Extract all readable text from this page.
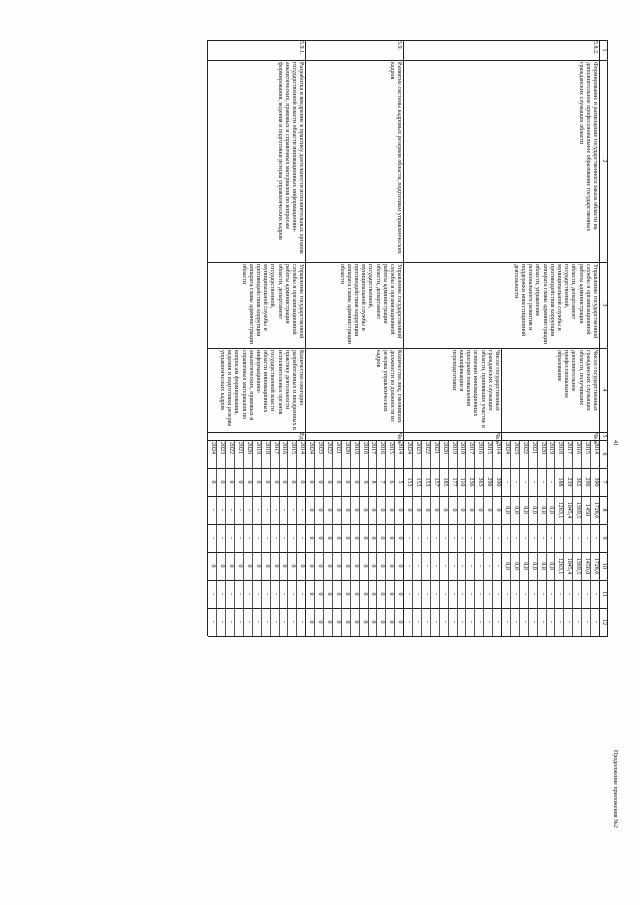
41
Продолжение приложения №2
1
2
3
4
5
6
7
8
9
10
11
12
5.8.2.
Формирование и размещение государственного заказа области на дополнительное профессиональное образование государственных гражданских служащих области
Управление государственной службы и организационной работы администрации области, департамент государственной, муниципальной службы и противодействия коррупции аппарата главы администрации области, управление регионального развития и поддержки инвестиционной деятельности
Число государственных гражданских служащих области, получивших дополнительное профессиональное образование
Чел.
2014
390
1728,6
-
1728,6
-
-
2015
290
1450
-
1450,0
-
-
2016
365
1369,5
-
1369,5
-
-
2017
239
1045,4
-
1045,4
-
-
2018
188
1263,1
-
1263,1
-
-
2019
-
0,0
-
0,0
-
-
2020
-
0,0
-
0,0
-
-
2021
-
0,0
-
0,0
-
-
2022
-
0,0
-
0,0
-
-
2023
-
0,0
-
0,0
-
-
2024
-
0,0
-
0,0
-
-
Число государственных гражданских служащих области, принявших участие в освоении инновационных программ повышения квалификации и переподготовки
Чел.
2014
390
0
-
-
-
-
2015
290
0
-
-
-
-
2016
363
0
-
-
-
-
2017
236
0
-
-
-
-
2018
110
0
-
-
-
-
2019
177
0
-
-
-
-
2020
185
0
-
-
-
-
2021
157
0
-
-
-
-
2022
153
0
-
-
-
-
2023
153
0
-
-
-
-
2024
153
0
-
-
-
-
5.9.
Развитие системы кадровых резервов области, подготовки управленческих кадров
Управление государственной службы и организационной работы администрации области, департамент государственной, муниципальной службы и противодействия коррупции аппарата главы администрации области
Количество лиц, сменивших должности из должности из резерва управленческих кадров
Чел.
2014
5
0
0
0
0
0
2015
6
0
0
0
0
0
2016
7
0
0
0
0
0
2017
8
0
0
0
0
0
2018
9
0
0
0
0
0
2019
0
0
0
0
0
0
2020
0
0
0
0
0
0
2021
0
0
0
0
0
0
2022
0
0
0
0
0
0
2023
0
0
0
0
0
0
2024
0
0
0
0
0
0
5.9.1.
Разработка и внедрение в практику деятельности исполнительных органов государственной власти области инновационных информационно-аналитических, правовых и справочных материалов по вопросам формирования, ведения и подготовки резерва управленческих кадров
Управление государственной службы и организационной работы администрации области, департамент государственной, муниципальной службы и противодействия коррупции аппарата главы администрации области
Количество ежегодно разработанных и внедренных в практику деятельности исполнительных органов государственной власти области инновационных информационно-аналитических, правовых и справочных материалов по вопросам формирования, ведения и подготовки резерва управленческих кадров
Ед.
2014
0
-
-
0
-
-
2015
0
-
-
0
-
-
2016
0
-
-
0
-
-
2017
0
-
-
0
-
-
2018
0
-
-
0
-
-
2019
0
-
-
0
-
-
2020
0
-
-
0
-
-
2021
0
-
-
0
-
-
2022
0
-
-
0
-
-
2023
0
-
-
0
-
-
2024
0
-
-
0
-
-
